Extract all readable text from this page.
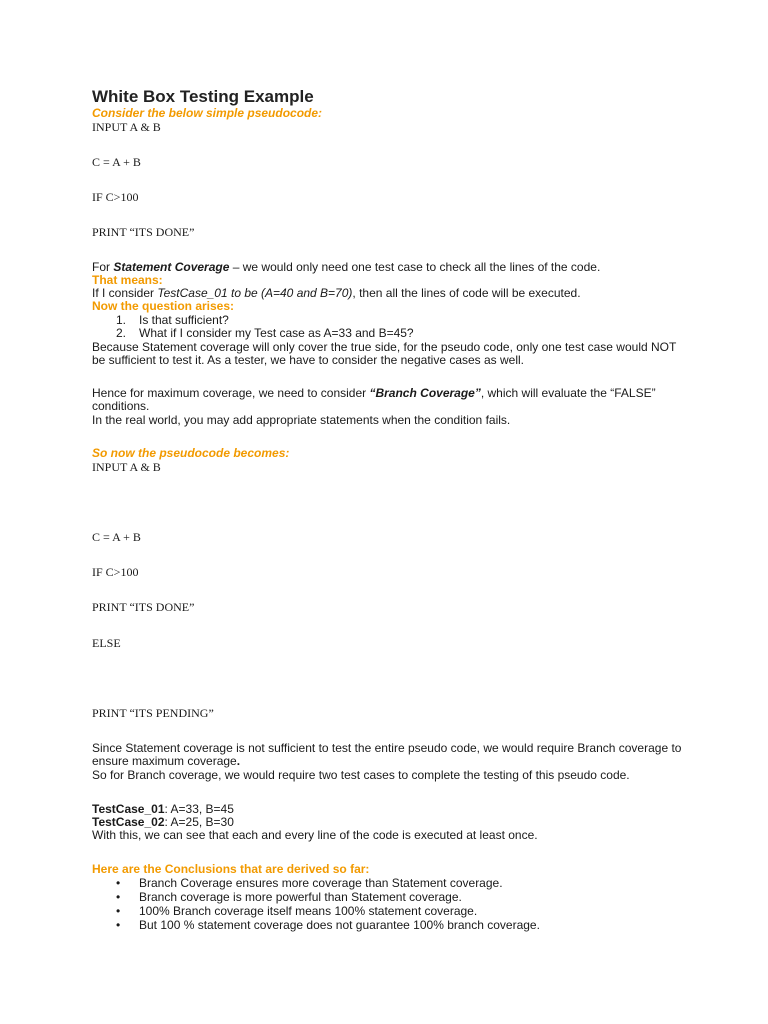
White Box Testing Example
Consider the below simple pseudocode:
INPUT A & B
C = A + B
IF C>100
PRINT “ITS DONE”
For Statement Coverage – we would only need one test case to check all the lines of the code.
That means:
If I consider TestCase_01 to be (A=40 and B=70), then all the lines of code will be executed.
Now the question arises:
1. Is that sufficient?
2. What if I consider my Test case as A=33 and B=45?
Because Statement coverage will only cover the true side, for the pseudo code, only one test case would NOT be sufficient to test it. As a tester, we have to consider the negative cases as well.
Hence for maximum coverage, we need to consider “Branch Coverage”, which will evaluate the “FALSE” conditions.
In the real world, you may add appropriate statements when the condition fails.
So now the pseudocode becomes:
INPUT A & B
C = A + B
IF C>100
PRINT “ITS DONE”
ELSE
PRINT “ITS PENDING”
Since Statement coverage is not sufficient to test the entire pseudo code, we would require Branch coverage to ensure maximum coverage.
So for Branch coverage, we would require two test cases to complete the testing of this pseudo code.
TestCase_01: A=33, B=45
TestCase_02: A=25, B=30
With this, we can see that each and every line of the code is executed at least once.
Here are the Conclusions that are derived so far:
• Branch Coverage ensures more coverage than Statement coverage.
• Branch coverage is more powerful than Statement coverage.
• 100% Branch coverage itself means 100% statement coverage.
• But 100 % statement coverage does not guarantee 100% branch coverage.
